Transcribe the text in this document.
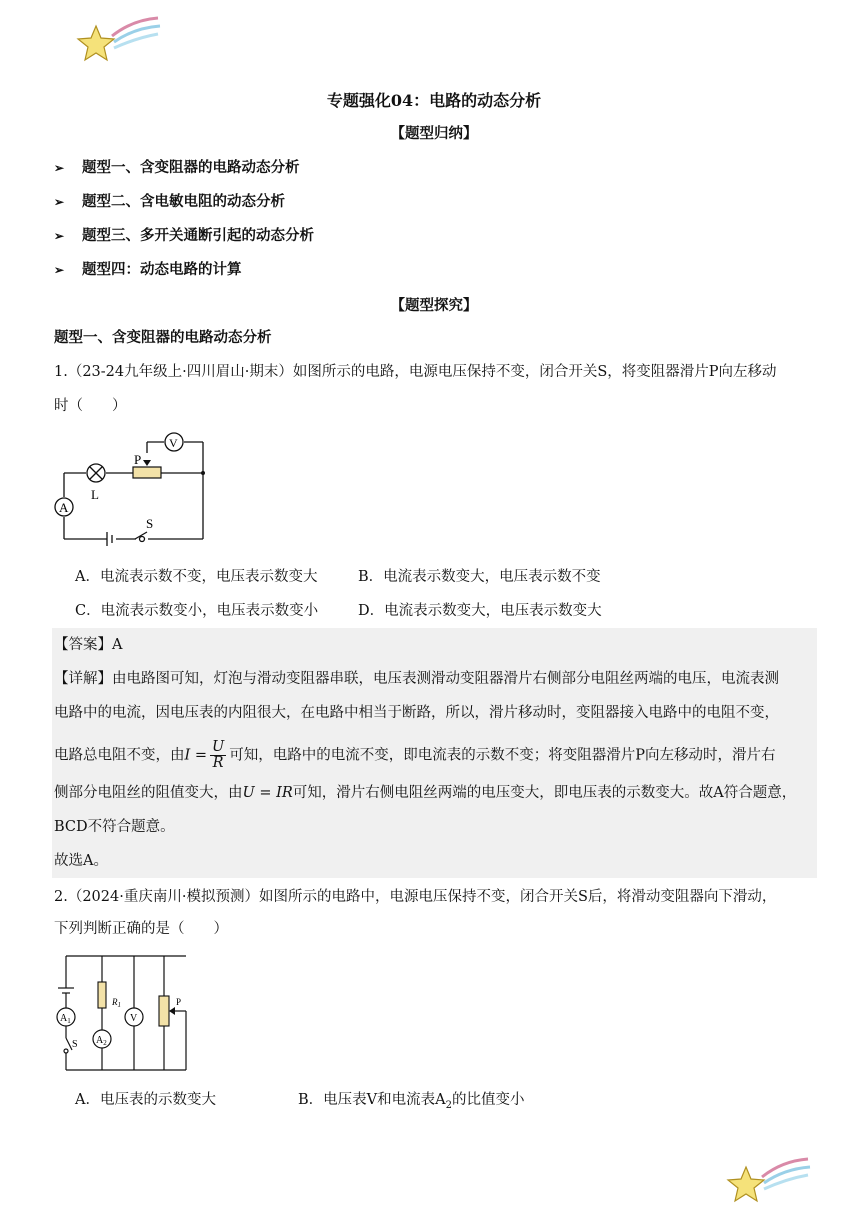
专题强化04：电路的动态分析
【题型归纳】
➢ 题型一、含变阻器的电路动态分析
➢ 题型二、含电敏电阻的动态分析
➢ 题型三、多开关通断引起的动态分析
➢ 题型四：动态电路的计算
【题型探究】
题型一、含变阻器的电路动态分析
1.（23-24九年级上·四川眉山·期末）如图所示的电路，电源电压保持不变，闭合开关S，将变阻器滑片P向左移动
时（　　）
P
L
A
V
S
A．电流表示数不变，电压表示数变大	B．电流表示数变大，电压表示数不变
C．电流表示数变小，电压表示数变小	D．电流表示数变大，电压表示数变大
【答案】A
【详解】由电路图可知，灯泡与滑动变阻器串联，电压表测滑动变阻器滑片右侧部分电阻丝两端的电压，电流表测
电路中的电流，因电压表的内阻很大，在电路中相当于断路，所以，滑片移动时，变阻器接入电路中的电阻不变，
电路总电阻不变，由$I = \frac{U}{R}$ 可知，电路中的电流不变，即电流表的示数不变；将变阻器滑片P向左移动时，滑片右
侧部分电阻丝的阻值变大，由U = IR可知，滑片右侧电阻丝两端的电压变大，即电压表的示数变大。故A符合题意，
BCD不符合题意。
故选A。
2.（2024·重庆南川·模拟预测）如图所示的电路中，电源电压保持不变，闭合开关S后，将滑动变阻器向下滑动，
下列判断正确的是（　　）
$R_1$	P
S
$A_1$
$A_2$
V
A．电压表的示数变大	B．电压表V和电流表$A_2$的比值变小
